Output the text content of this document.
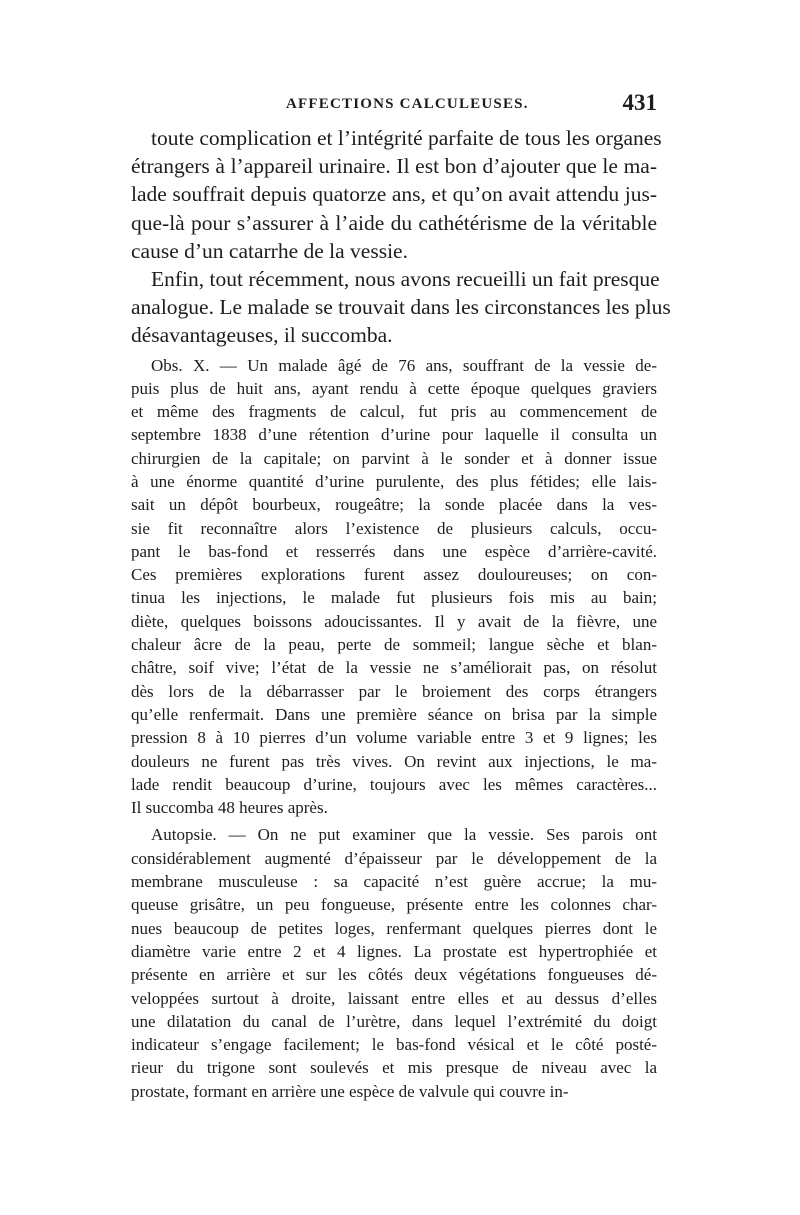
AFFECTIONS CALCULEUSES.	431
toute complication et l’intégrité parfaite de tous les organes
étrangers à l’appareil urinaire. Il est bon d’ajouter que le ma-
lade souffrait depuis quatorze ans, et qu’on avait attendu jus-
que-là pour s’assurer à l’aide du cathétérisme de la véritable
cause d’un catarrhe de la vessie.
Enfin, tout récemment, nous avons recueilli un fait presque
analogue. Le malade se trouvait dans les circonstances les plus
désavantageuses, il succomba.
Obs. X. — Un malade âgé de 76 ans, souffrant de la vessie de-
puis plus de huit ans, ayant rendu à cette époque quelques graviers
et même des fragments de calcul, fut pris au commencement de
septembre 1838 d’une rétention d’urine pour laquelle il consulta un
chirurgien de la capitale; on parvint à le sonder et à donner issue
à une énorme quantité d’urine purulente, des plus fétides; elle lais-
sait un dépôt bourbeux, rougeâtre; la sonde placée dans la ves-
sie fit reconnaître alors l’existence de plusieurs calculs, occu-
pant le bas-fond et resserrés dans une espèce d’arrière-cavité.
Ces premières explorations furent assez douloureuses; on con-
tinua les injections, le malade fut plusieurs fois mis au bain;
diète, quelques boissons adoucissantes. Il y avait de la fièvre, une
chaleur âcre de la peau, perte de sommeil; langue sèche et blan-
châtre, soif vive; l’état de la vessie ne s’améliorait pas, on résolut
dès lors de la débarrasser par le broiement des corps étrangers
qu’elle renfermait. Dans une première séance on brisa par la simple
pression 8 à 10 pierres d’un volume variable entre 3 et 9 lignes; les
douleurs ne furent pas très vives. On revint aux injections, le ma-
lade rendit beaucoup d’urine, toujours avec les mêmes caractères...
Il succomba 48 heures après.
Autopsie. — On ne put examiner que la vessie. Ses parois ont
considérablement augmenté d’épaisseur par le développement de la
membrane musculeuse : sa capacité n’est guère accrue; la mu-
queuse grisâtre, un peu fongueuse, présente entre les colonnes char-
nues beaucoup de petites loges, renfermant quelques pierres dont le
diamètre varie entre 2 et 4 lignes. La prostate est hypertrophiée et
présente en arrière et sur les côtés deux végétations fongueuses dé-
veloppées surtout à droite, laissant entre elles et au dessus d’elles
une dilatation du canal de l’urètre, dans lequel l’extrémité du doigt
indicateur s’engage facilement; le bas-fond vésical et le côté posté-
rieur du trigone sont soulevés et mis presque de niveau avec la
prostate, formant en arrière une espèce de valvule qui couvre in-
